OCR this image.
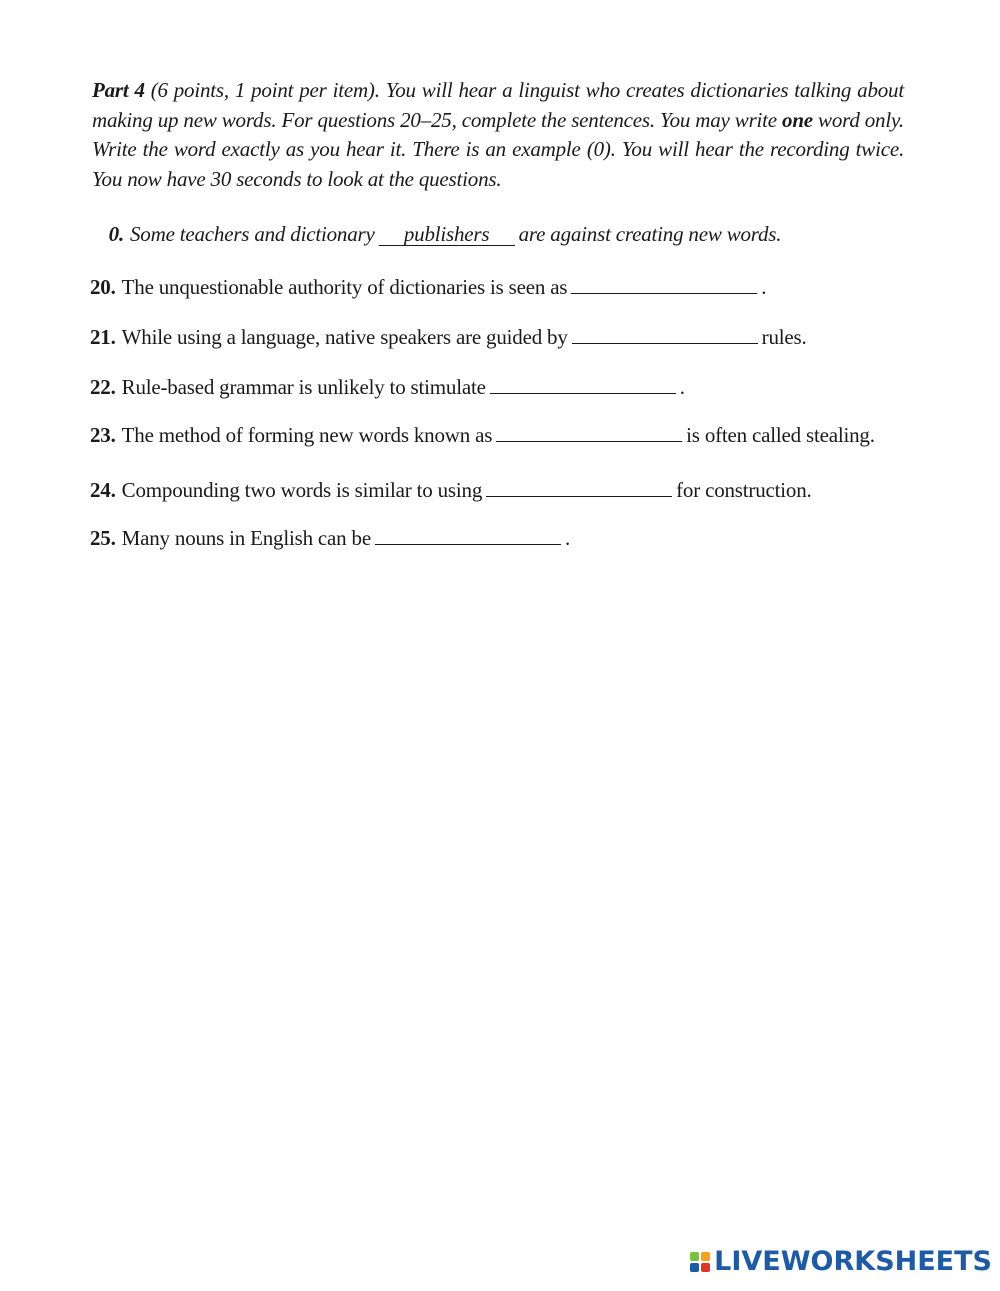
Part 4 (6 points, 1 point per item). You will hear a linguist who creates dictionaries talking about making up new words. For questions 20–25, complete the sentences. You may write one word only. Write the word exactly as you hear it. There is an example (0). You will hear the recording twice. You now have 30 seconds to look at the questions.
0. Some teachers and dictionary publishers are against creating new words.
20. The unquestionable authority of dictionaries is seen as	.
21. While using a language, native speakers are guided by	rules.
22. Rule-based grammar is unlikely to stimulate	.
23. The method of forming new words known as	is often called stealing.
24. Compounding two words is similar to using	for construction.
25. Many nouns in English can be	.
LIVEWORKSHEETS
